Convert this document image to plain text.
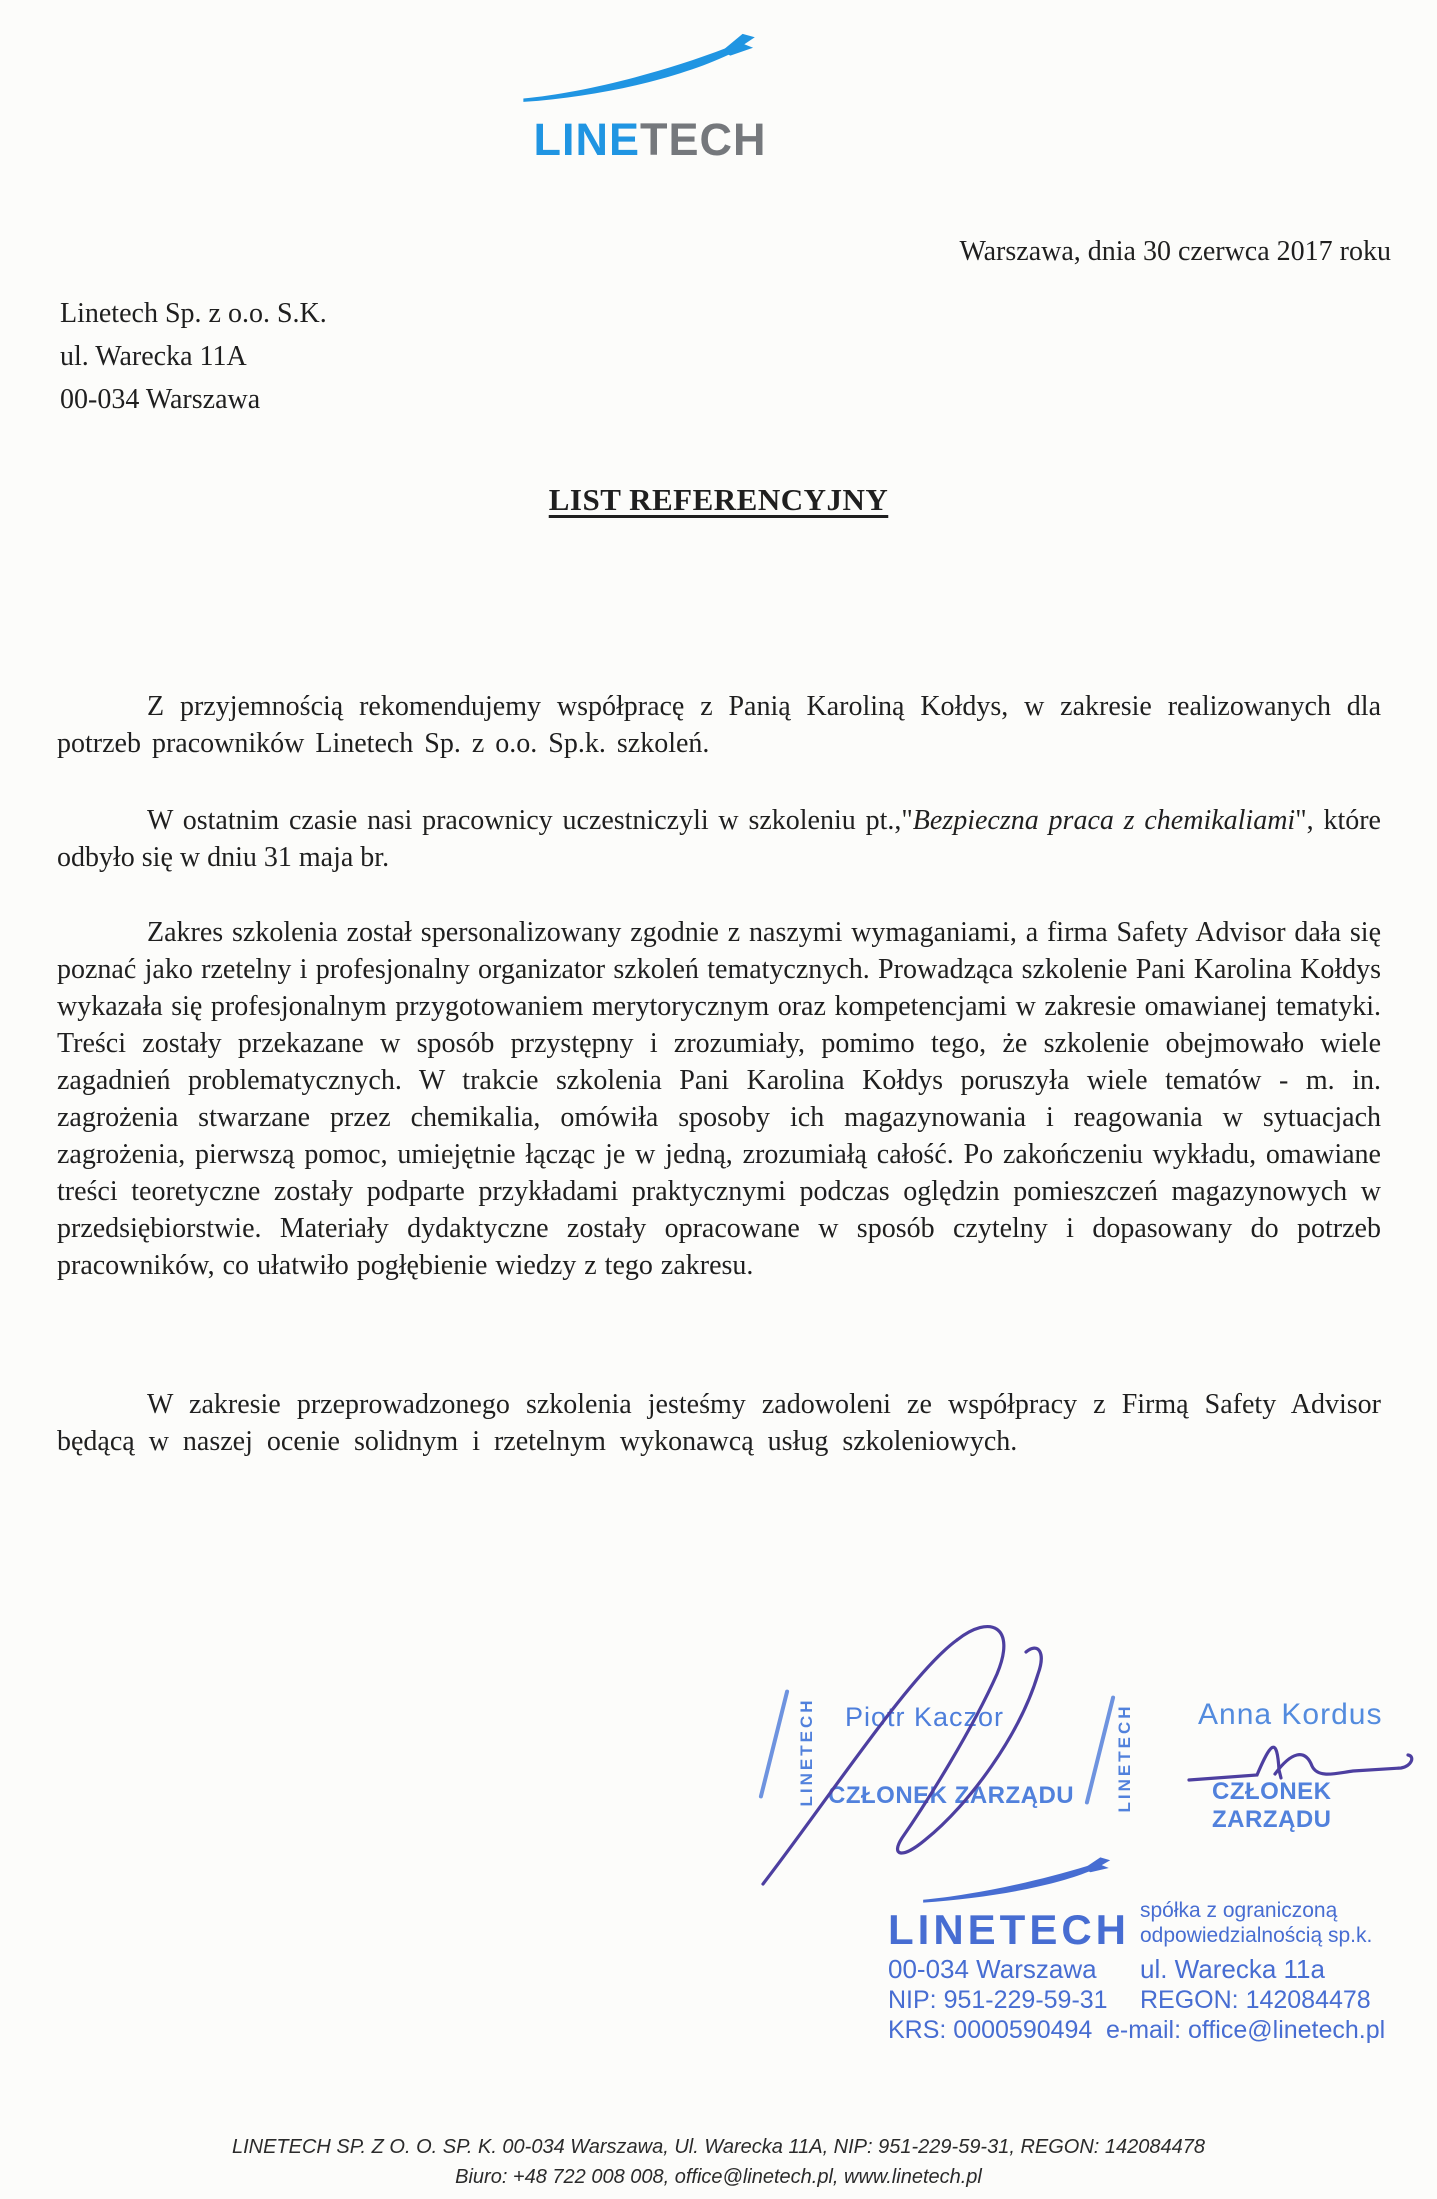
LINETECH
Warszawa, dnia 30 czerwca 2017 roku
Linetech Sp. z o.o. S.K.
ul. Warecka 11A
00-034 Warszawa
LIST REFERENCYJNY

Z przyjemnością rekomendujemy współpracę z Panią Karoliną Kołdys, w zakresie realizowanych dla potrzeb pracowników Linetech Sp. z o.o. Sp.k. szkoleń.

W ostatnim czasie nasi pracownicy uczestniczyli w szkoleniu pt.,"Bezpieczna praca z chemikaliami", które odbyło się w dniu 31 maja br.

Zakres szkolenia został spersonalizowany zgodnie z naszymi wymaganiami, a firma Safety Advisor dała się poznać jako rzetelny i profesjonalny organizator szkoleń tematycznych. Prowadząca szkolenie Pani Karolina Kołdys wykazała się profesjonalnym przygotowaniem merytorycznym oraz kompetencjami w zakresie omawianej tematyki. Treści zostały przekazane w sposób przystępny i zrozumiały, pomimo tego, że szkolenie obejmowało wiele zagadnień problematycznych. W trakcie szkolenia Pani Karolina Kołdys poruszyła wiele tematów - m. in. zagrożenia stwarzane przez chemikalia, omówiła sposoby ich magazynowania i reagowania w sytuacjach zagrożenia, pierwszą pomoc, umiejętnie łącząc je w jedną, zrozumiałą całość. Po zakończeniu wykładu, omawiane treści teoretyczne zostały podparte przykładami praktycznymi podczas oględzin pomieszczeń magazynowych w przedsiębiorstwie. Materiały dydaktyczne zostały opracowane w sposób czytelny i dopasowany do potrzeb pracowników, co ułatwiło pogłębienie wiedzy z tego zakresu.

W zakresie przeprowadzonego szkolenia jesteśmy zadowoleni ze współpracy z Firmą Safety Advisor będącą w naszej ocenie solidnym i rzetelnym wykonawcą usług szkoleniowych.

LINETECH Piotr Kaczor
CZŁONEK ZARZĄDU LINETECH Anna Kordus
CZŁONEK ZARZĄDU
LINETECH spółka z ograniczoną
odpowiedzialnością sp.k.
00-034 Warszawa ul. Warecka 11a
NIP: 951-229-59-31 REGON: 142084478
KRS: 0000590494 e-mail: office@linetech.pl
LINETECH SP. Z O. O. SP. K. 00-034 Warszawa, Ul. Warecka 11A, NIP: 951-229-59-31, REGON: 142084478
Biuro: +48 722 008 008, office@linetech.pl, www.linetech.pl
